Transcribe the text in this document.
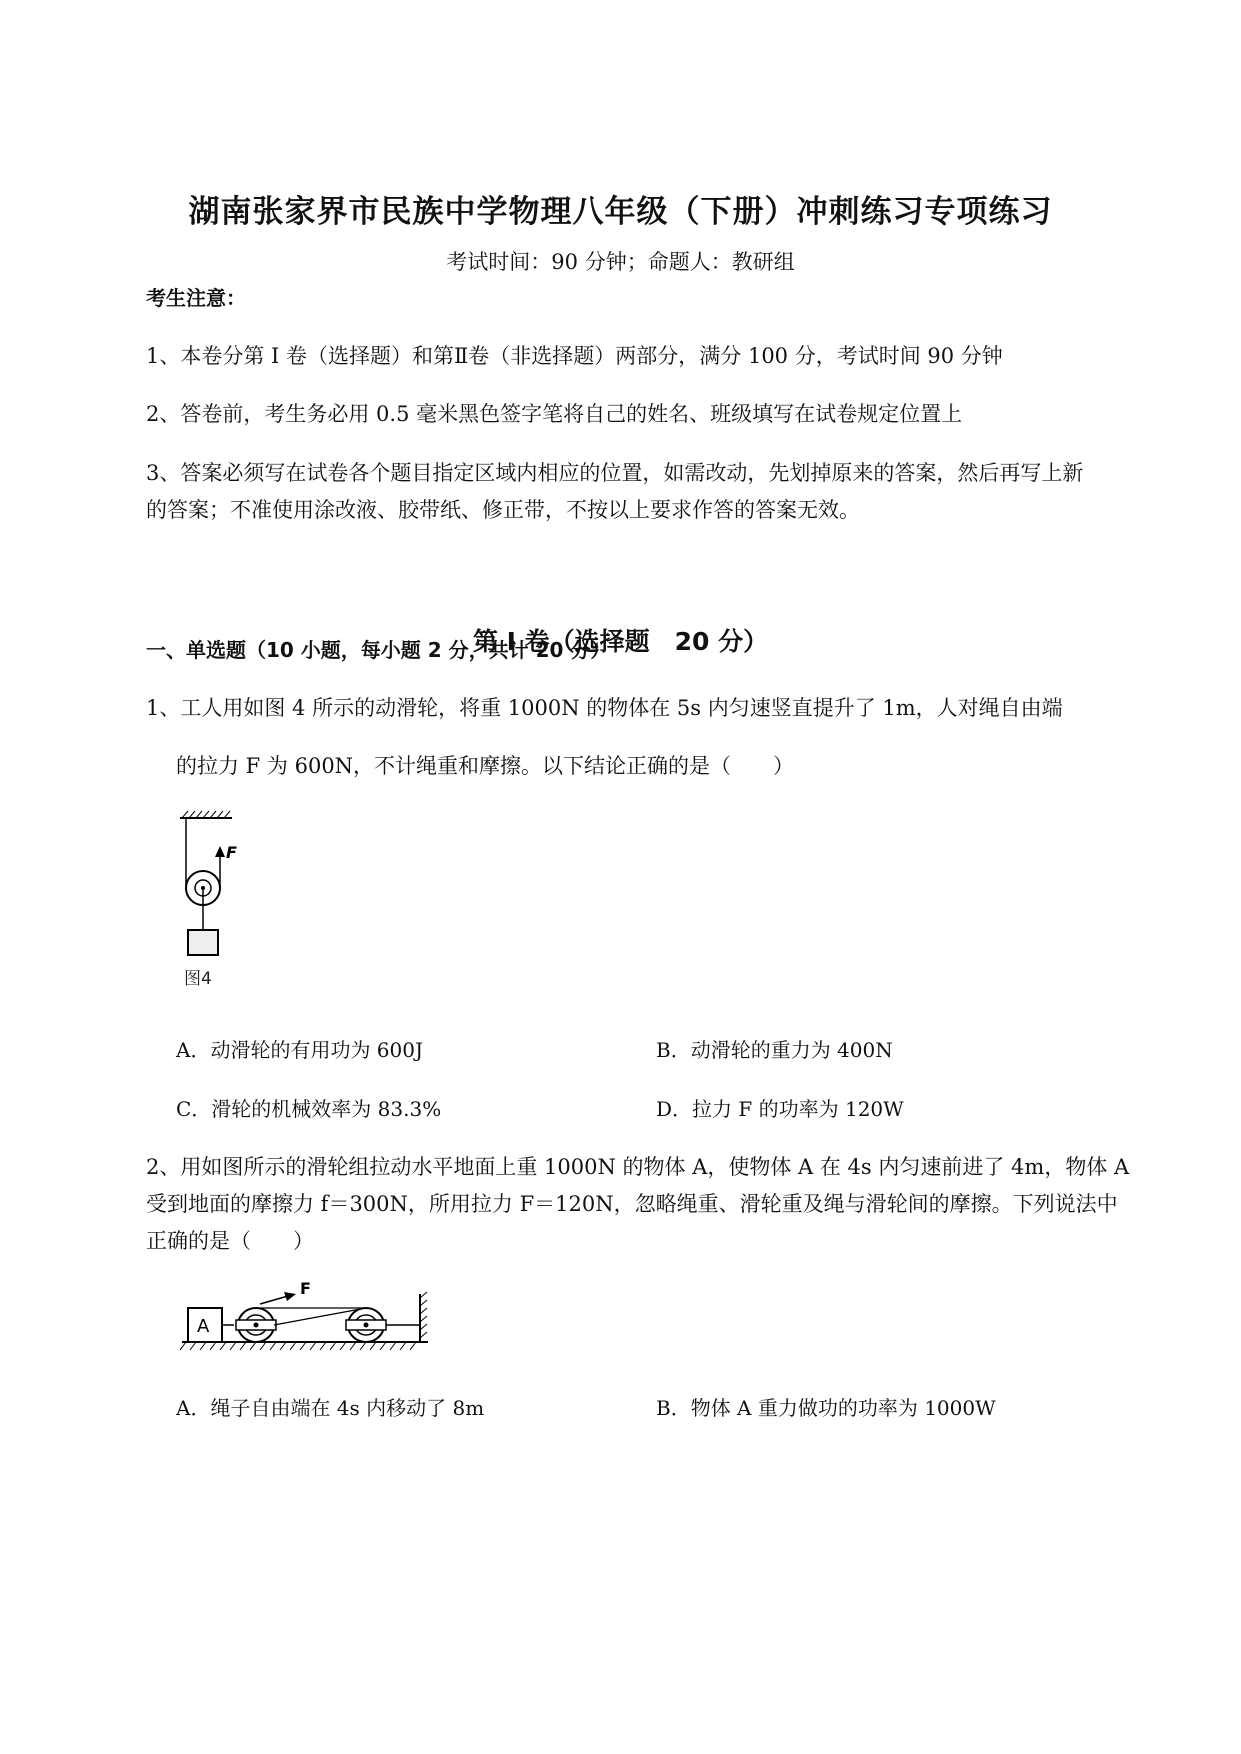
湖南张家界市民族中学物理八年级（下册）冲刺练习专项练习
考试时间：90 分钟；命题人：教研组
考生注意：
1、本卷分第 I 卷（选择题）和第Ⅱ卷（非选择题）两部分，满分 100 分，考试时间 90 分钟
2、答卷前，考生务必用 0.5 毫米黑色签字笔将自己的姓名、班级填写在试卷规定位置上
3、答案必须写在试卷各个题目指定区域内相应的位置，如需改动，先划掉原来的答案，然后再写上新
的答案；不准使用涂改液、胶带纸、修正带，不按以上要求作答的答案无效。
第 I 卷（选择题　20 分）
一、单选题（10 小题，每小题 2 分，共计 20 分）
1、工人用如图 4 所示的动滑轮，将重 1000N 的物体在 5s 内匀速竖直提升了 1m，人对绳自由端
的拉力 F 为 600N，不计绳重和摩擦。以下结论正确的是（　　）
F
图4
A．动滑轮的有用功为 600J	B．动滑轮的重力为 400N
C．滑轮的机械效率为 83.3%	D．拉力 F 的功率为 120W
2、用如图所示的滑轮组拉动水平地面上重 1000N 的物体 A，使物体 A 在 4s 内匀速前进了 4m，物体 A
受到地面的摩擦力 f＝300N，所用拉力 F＝120N，忽略绳重、滑轮重及绳与滑轮间的摩擦。下列说法中
正确的是（　　）
A
F
A．绳子自由端在 4s 内移动了 8m	B．物体 A 重力做功的功率为 1000W
